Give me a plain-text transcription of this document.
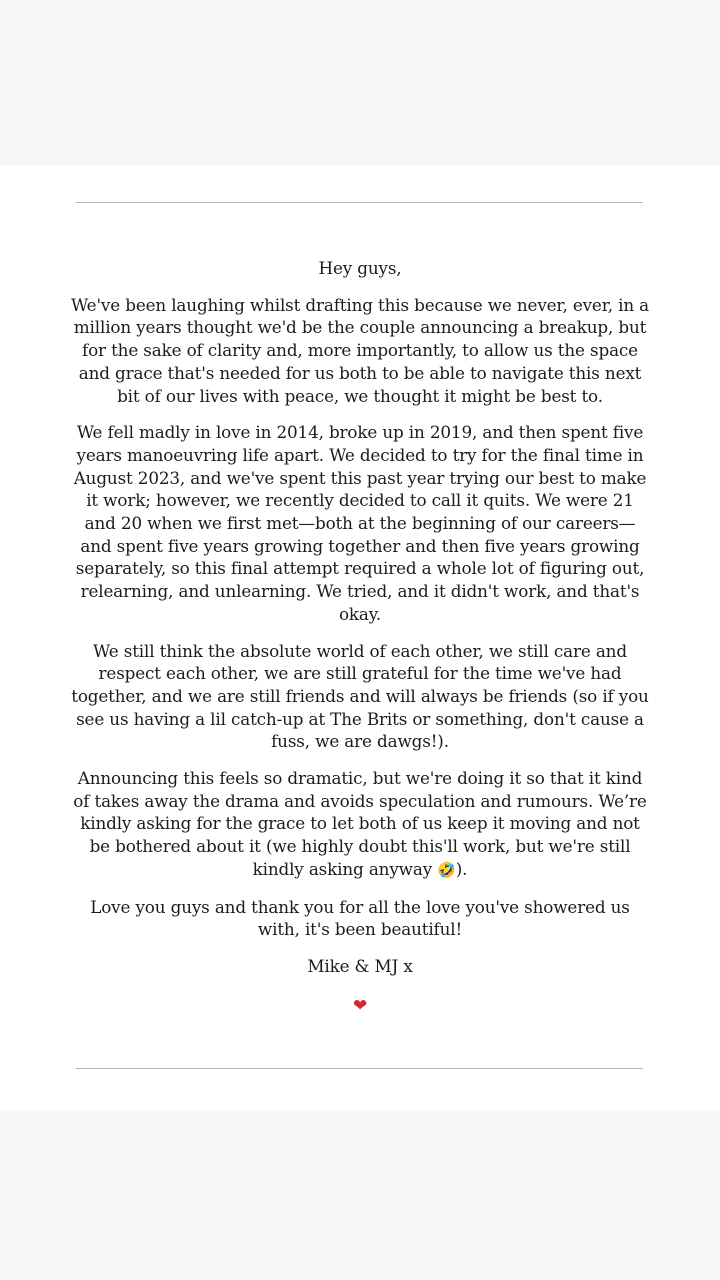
Hey guys,

We've been laughing whilst drafting this because we never, ever, in a million years thought we'd be the couple announcing a breakup, but for the sake of clarity and, more importantly, to allow us the space and grace that's needed for us both to be able to navigate this next bit of our lives with peace, we thought it might be best to.

We fell madly in love in 2014, broke up in 2019, and then spent five years manoeuvring life apart. We decided to try for the final time in August 2023, and we've spent this past year trying our best to make it work; however, we recently decided to call it quits. We were 21 and 20 when we first met—both at the beginning of our careers—and spent five years growing together and then five years growing separately, so this final attempt required a whole lot of figuring out, relearning, and unlearning. We tried, and it didn't work, and that's okay.

We still think the absolute world of each other, we still care and respect each other, we are still grateful for the time we've had together, and we are still friends and will always be friends (so if you see us having a lil catch-up at The Brits or something, don't cause a fuss, we are dawgs!).

Announcing this feels so dramatic, but we're doing it so that it kind of takes away the drama and avoids speculation and rumours. We’re kindly asking for the grace to let both of us keep it moving and not be bothered about it (we highly doubt this'll work, but we're still kindly asking anyway 🤣).

Love you guys and thank you for all the love you've showered us with, it's been beautiful!

Mike & MJ x

❤
